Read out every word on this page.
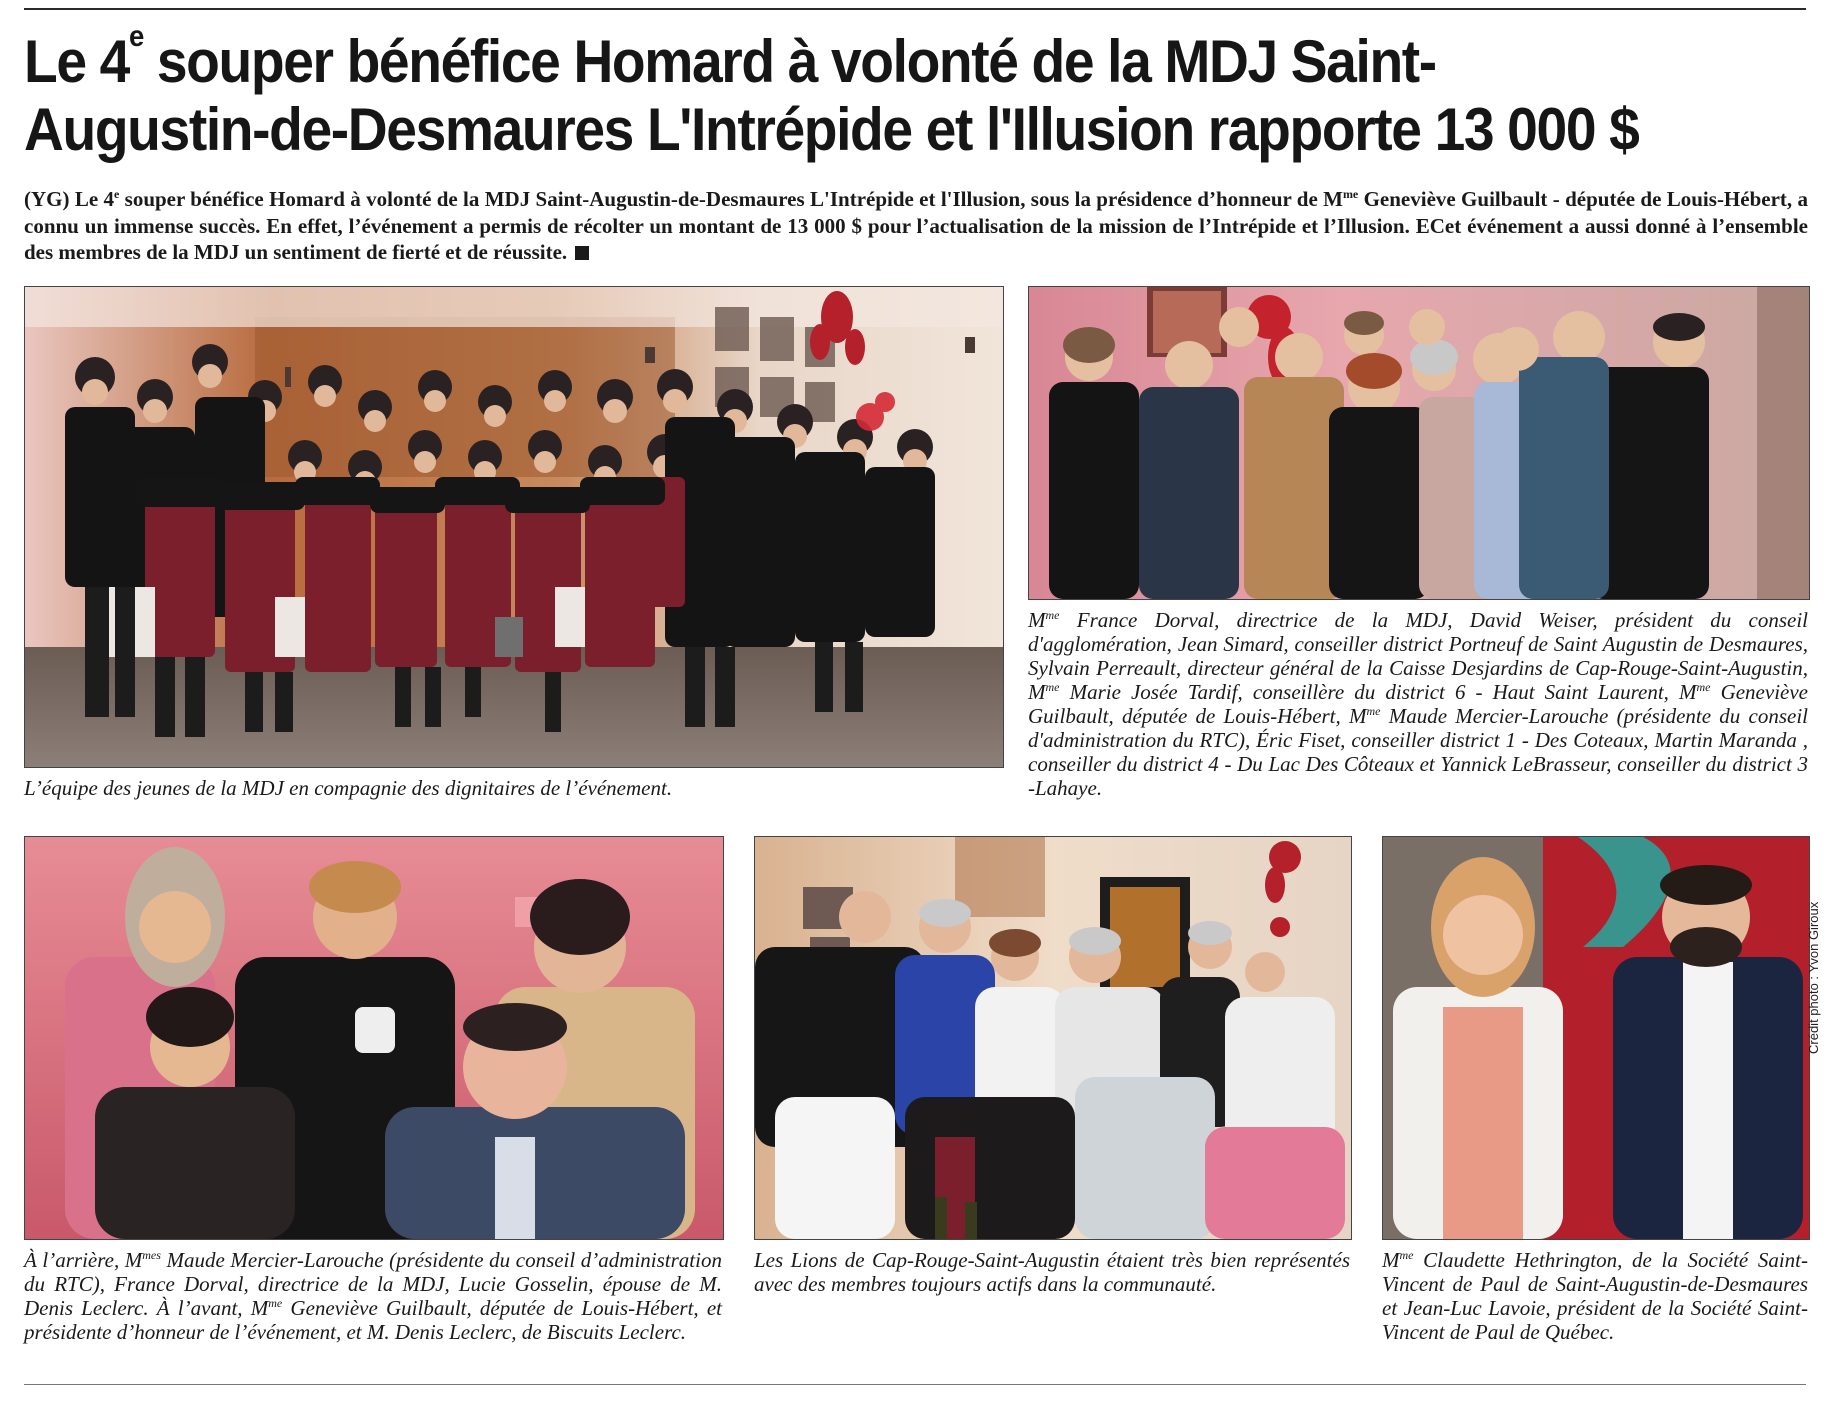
Le 4e souper bénéfice Homard à volonté de la MDJ Saint-Augustin-de-Desmaures L'Intrépide et l'Illusion rapporte 13 000 $

(YG) Le 4e souper bénéfice Homard à volonté de la MDJ Saint-Augustin-de-Desmaures L'Intrépide et l'Illusion, sous la présidence d’honneur de $M^{me}$ Geneviève Guilbault - députée de Louis-Hébert, a connu un immense succès. En effet, l’événement a permis de récolter un montant de 13 000 $ pour l’actualisation de la mission de l’Intrépide et l’Illusion. ECet événement a aussi donné à l’ensemble des membres de la MDJ un sentiment de fierté et de réussite.

L’équipe des jeunes de la MDJ en compagnie des dignitaires de l’événement.

$M^{me}$ France Dorval, directrice de la MDJ, David Weiser, président du conseil d'agglomération, Jean Simard, conseiller district Portneuf de Saint Augustin de Desmaures, Sylvain Perreault, directeur général de la Caisse Desjardins de Cap-Rouge-Saint-Augustin, $M^{me}$ Marie Josée Tardif, conseillère du district 6 - Haut Saint Laurent, $M^{me}$ Geneviève Guilbault, députée de Louis-Hébert, $M^{me}$ Maude Mercier-Larouche (présidente du conseil d'administration du RTC), Éric Fiset, conseiller district 1 - Des Coteaux, Martin Maranda , conseiller du district 4 - Du Lac Des Côteaux et Yannick LeBrasseur, conseiller du district 3 -Lahaye.

À l’arrière, $M^{mes}$ Maude Mercier-Larouche (présidente du conseil d’administration du RTC), France Dorval, directrice de la MDJ, Lucie Gosselin, épouse de M. Denis Leclerc. À l’avant, $M^{me}$ Geneviève Guilbault, députée de Louis-Hébert, et présidente d’honneur de l’événement, et M. Denis Leclerc, de Biscuits Leclerc.

Les Lions de Cap-Rouge-Saint-Augustin étaient très bien représentés avec des membres toujours actifs dans la communauté.

$M^{me}$ Claudette Hethrington, de la Société Saint-Vincent de Paul de Saint-Augustin-de-Desmaures et Jean-Luc Lavoie, président de la Société Saint-Vincent de Paul de Québec.

Crédit photo : Yvon Giroux
